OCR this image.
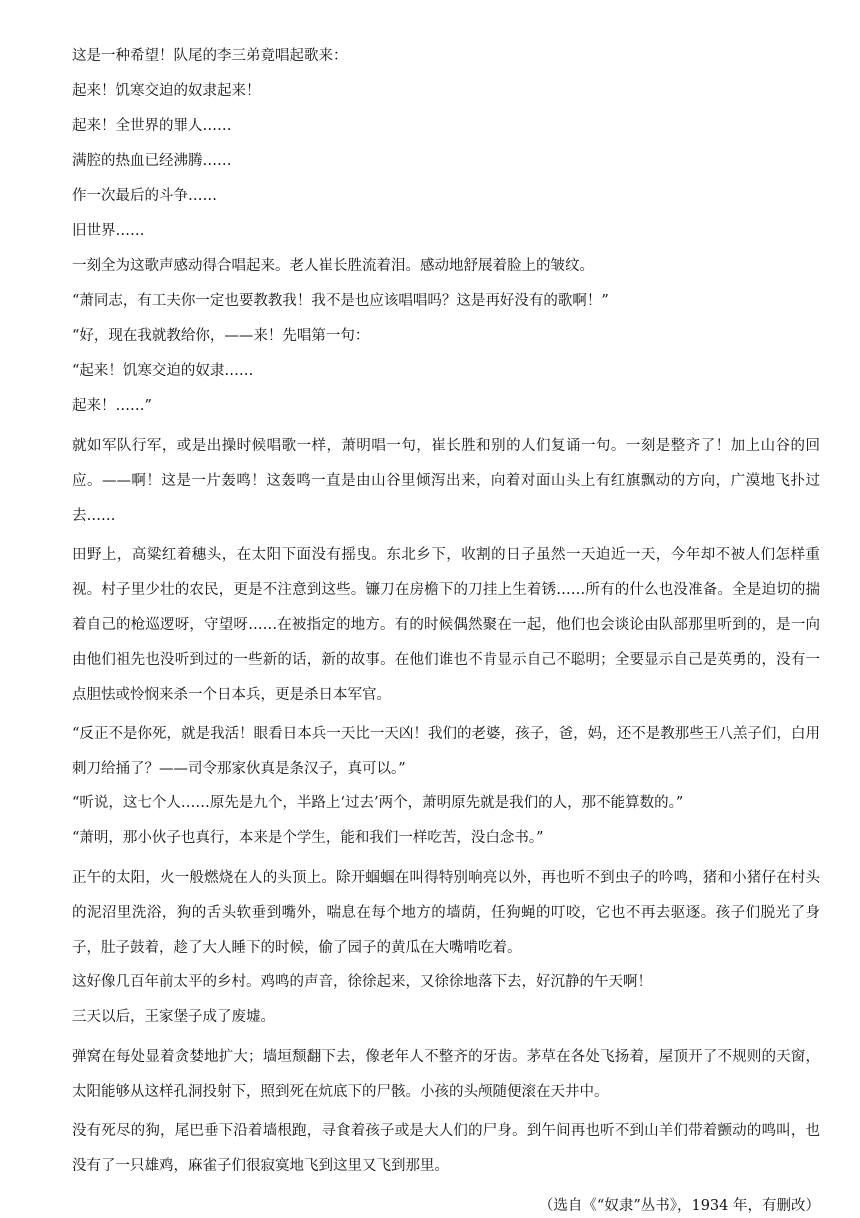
这是一种希望！队尾的李三弟竟唱起歌来：

起来！饥寒交迫的奴隶起来！

起来！全世界的罪人……

满腔的热血已经沸腾……

作一次最后的斗争……

旧世界……

一刻全为这歌声感动得合唱起来。老人崔长胜流着泪。感动地舒展着脸上的皱纹。

“萧同志，有工夫你一定也要教教我！我不是也应该唱唱吗？这是再好没有的歌啊！”

“好，现在我就教给你，——来！先唱第一句：

“起来！饥寒交迫的奴隶……

起来！……”

就如军队行军，或是出操时候唱歌一样，萧明唱一句，崔长胜和别的人们复诵一句。一刻是整齐了！加上山谷的回应。——啊！这是一片轰鸣！这轰鸣一直是由山谷里倾泻出来，向着对面山头上有红旗飘动的方向，广漠地飞扑过去……

田野上，高粱红着穗头，在太阳下面没有摇曳。东北乡下，收割的日子虽然一天迫近一天，今年却不被人们怎样重视。村子里少壮的农民，更是不注意到这些。镰刀在房檐下的刀挂上生着锈……所有的什么也没准备。全是迫切的揣着自己的枪巡逻呀，守望呀……在被指定的地方。有的时候偶然聚在一起，他们也会谈论由队部那里听到的，是一向由他们祖先也没听到过的一些新的话，新的故事。在他们谁也不肯显示自己不聪明；全要显示自己是英勇的，没有一点胆怯或怜悯来杀一个日本兵，更是杀日本军官。

“反正不是你死，就是我活！眼看日本兵一天比一天凶！我们的老婆，孩子，爸，妈，还不是教那些王八羔子们，白用刺刀给捅了？——司令那家伙真是条汉子，真可以。”

“听说，这七个人……原先是九个，半路上‘过去’两个，萧明原先就是我们的人，那不能算数的。”

“萧明，那小伙子也真行，本来是个学生，能和我们一样吃苦，没白念书。”

正午的太阳，火一般燃烧在人的头顶上。除开蝈蝈在叫得特别响亮以外，再也听不到虫子的吟鸣，猪和小猪仔在村头的泥沼里洗浴，狗的舌头软垂到嘴外，喘息在每个地方的墙荫，任狗蝇的叮咬，它也不再去驱逐。孩子们脱光了身子，肚子鼓着，趁了大人睡下的时候，偷了园子的黄瓜在大嘴啃吃着。

这好像几百年前太平的乡村。鸡鸣的声音，徐徐起来，又徐徐地落下去，好沉静的午天啊！

三天以后，王家堡子成了废墟。

弹窝在每处显着贪婪地扩大；墙垣颓翻下去，像老年人不整齐的牙齿。茅草在各处飞扬着，屋顶开了不规则的天窗，太阳能够从这样孔洞投射下，照到死在炕底下的尸骸。小孩的头颅随便滚在天井中。

没有死尽的狗，尾巴垂下沿着墙根跑，寻食着孩子或是大人们的尸身。到午间再也听不到山羊们带着颤动的鸣叫，也没有了一只雄鸡，麻雀子们很寂寞地飞到这里又飞到那里。

（选自《“奴隶”丛书》，1934 年，有删改）
